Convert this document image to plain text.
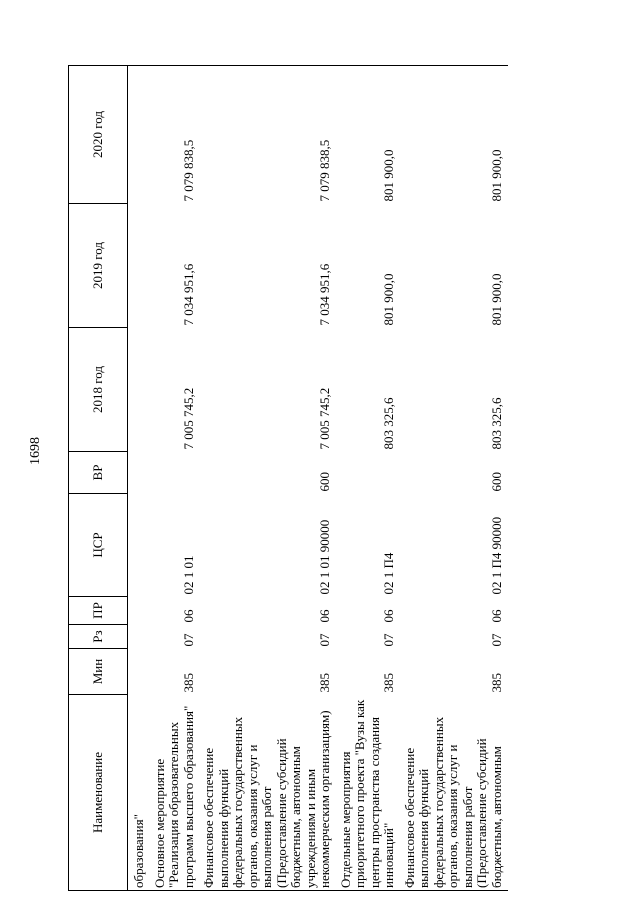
1698
Наименование	Мин	Рз	ПР	ЦСР	ВР	2018 год	2019 год	2020 год

образования"								

Основное мероприятие "Реализация образовательных программ высшего образования"	385	07	06	02 1 01		7 005 745,2	7 034 951,6	7 079 838,5

Финансовое обеспечение выполнения функций федеральных государственных органов, оказания услуг и выполнения работ (Предоставление субсидий бюджетным, автономным учреждениям и иным некоммерческим организациям)	385	07	06	02 1 01 90000	600	7 005 745,2	7 034 951,6	7 079 838,5

Отдельные мероприятия приоритетного проекта "Вузы как центры пространства создания инноваций"	385	07	06	02 1 П4		803 325,6	801 900,0	801 900,0

Финансовое обеспечение выполнения функций федеральных государственных органов, оказания услуг и выполнения работ (Предоставление субсидий бюджетным, автономным	385	07	06	02 1 П4 90000	600	803 325,6	801 900,0	801 900,0
